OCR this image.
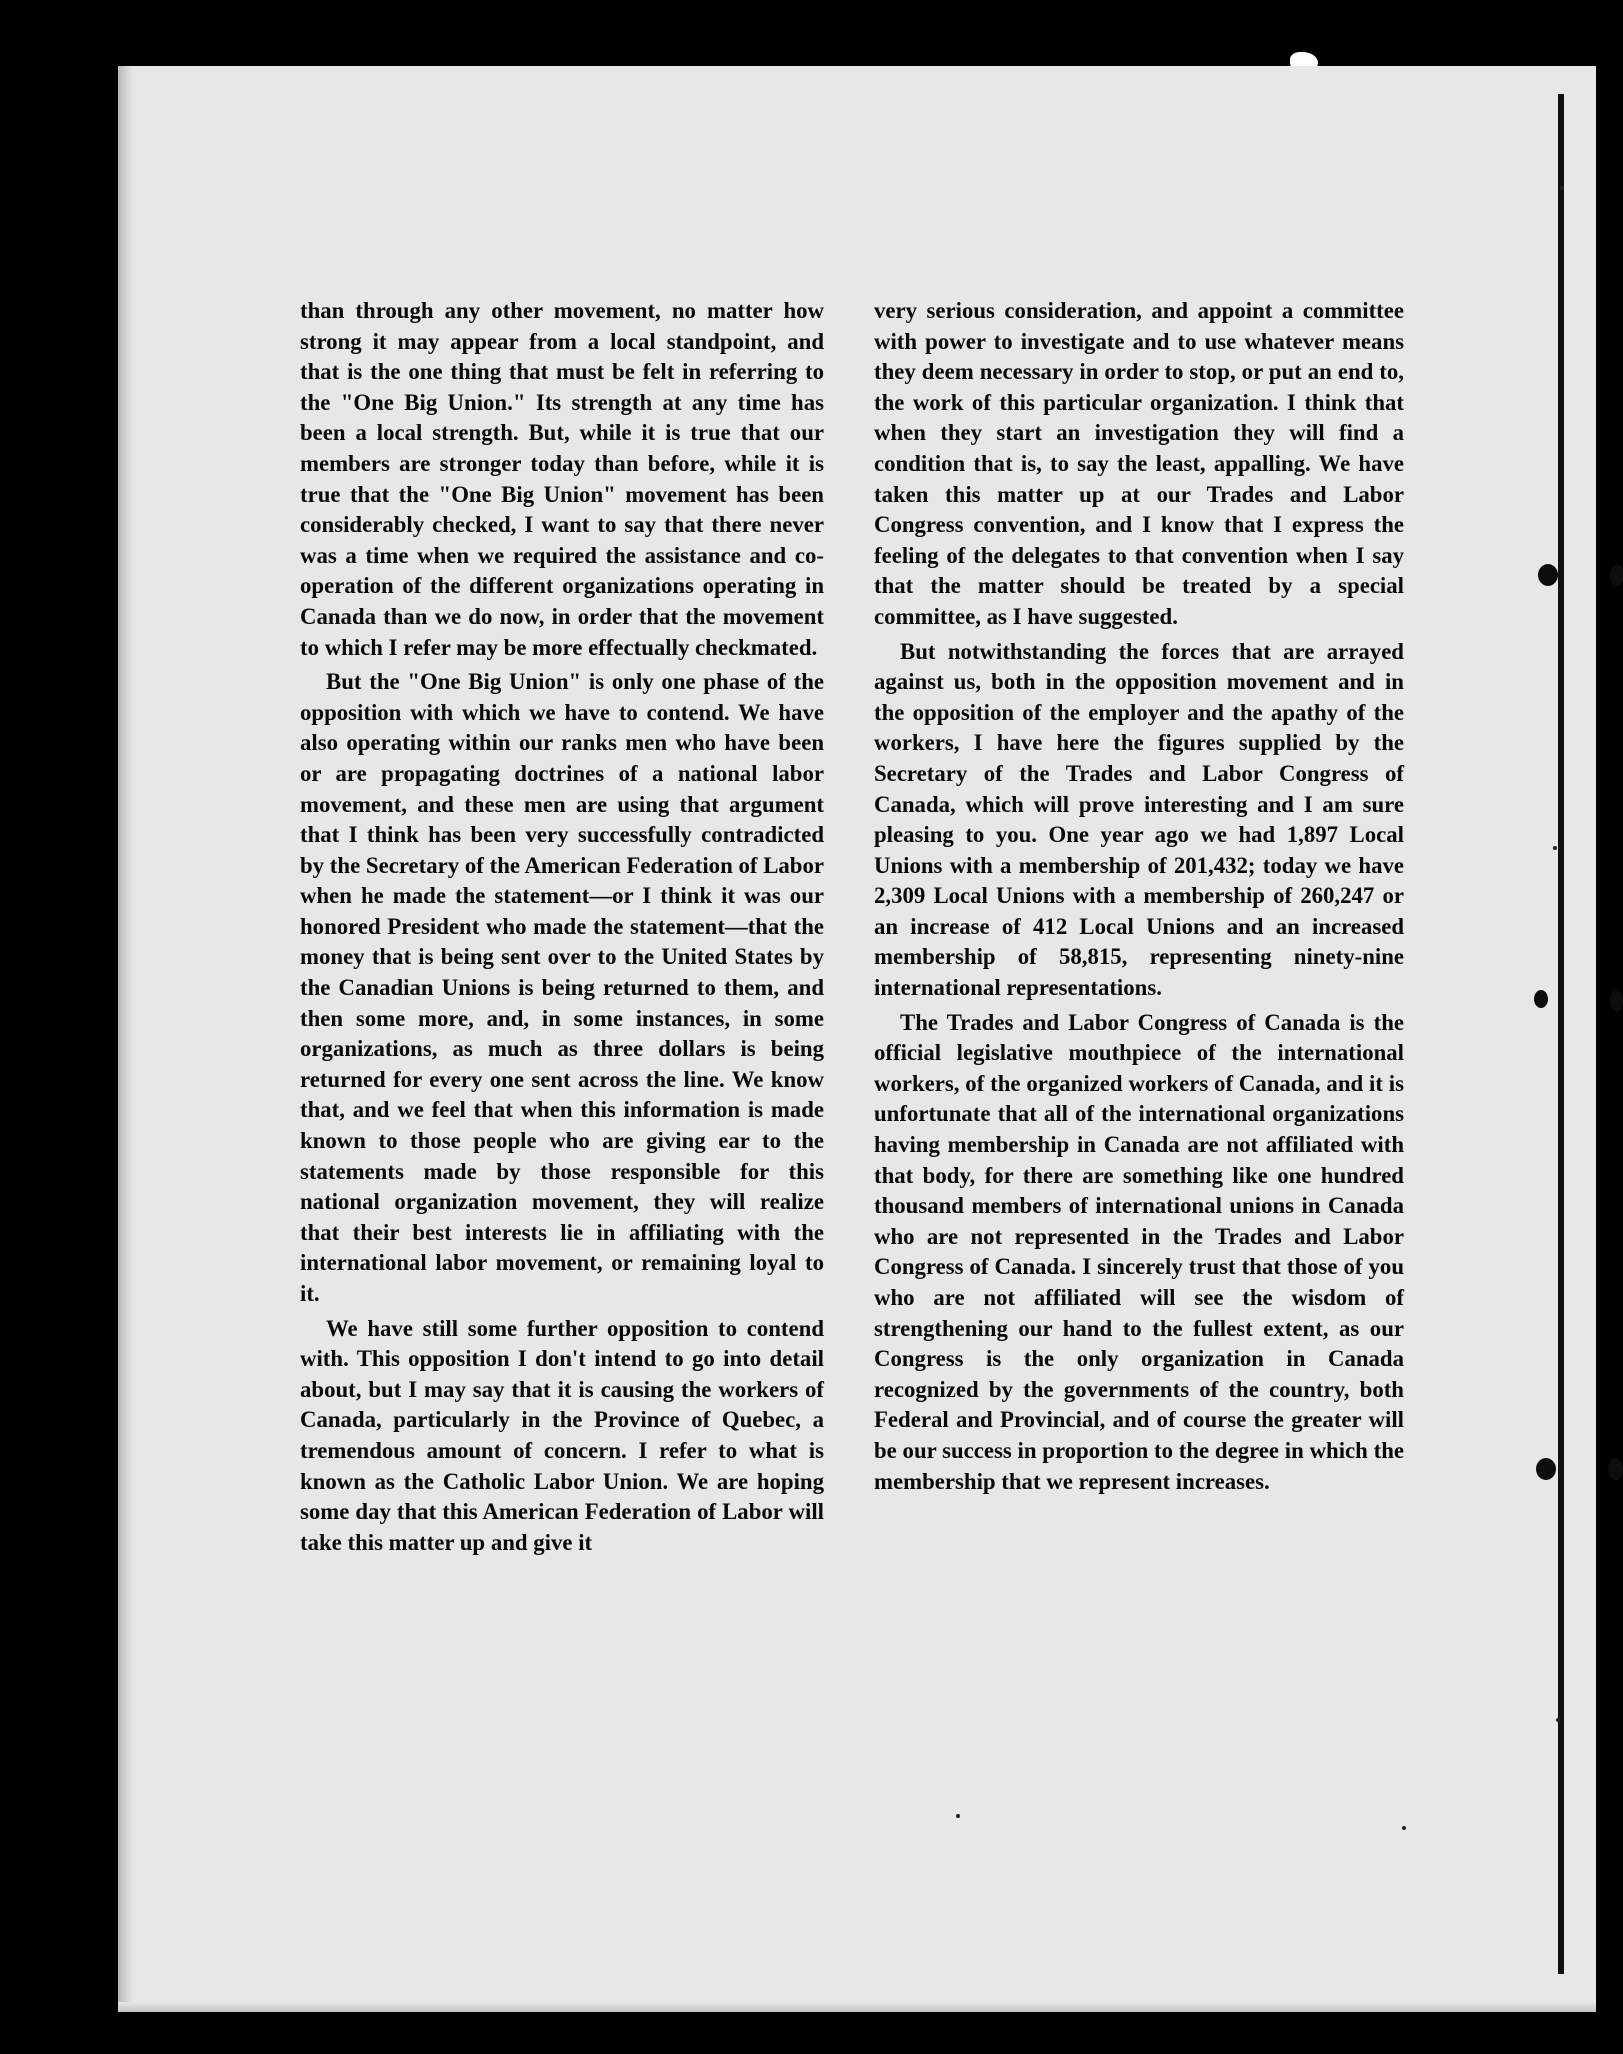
than through any other movement, no matter how strong it may appear from a local standpoint, and that is the one thing that must be felt in referring to the "One Big Union." Its strength at any time has been a local strength. But, while it is true that our members are stronger today than before, while it is true that the "One Big Union" movement has been considerably checked, I want to say that there never was a time when we required the assistance and co-operation of the different organizations operating in Canada than we do now, in order that the movement to which I refer may be more effectually checkmated.

But the "One Big Union" is only one phase of the opposition with which we have to contend. We have also operating within our ranks men who have been or are propagating doctrines of a national labor movement, and these men are using that argument that I think has been very successfully contradicted by the Secretary of the American Federation of Labor when he made the statement—or I think it was our honored President who made the statement—that the money that is being sent over to the United States by the Canadian Unions is being returned to them, and then some more, and, in some instances, in some organizations, as much as three dollars is being returned for every one sent across the line. We know that, and we feel that when this information is made known to those people who are giving ear to the statements made by those responsible for this national organization movement, they will realize that their best interests lie in affiliating with the international labor movement, or remaining loyal to it.

We have still some further opposition to contend with. This opposition I don't intend to go into detail about, but I may say that it is causing the workers of Canada, particularly in the Province of Quebec, a tremendous amount of concern. I refer to what is known as the Catholic Labor Union. We are hoping some day that this American Federation of Labor will take this matter up and give it

very serious consideration, and appoint a committee with power to investigate and to use whatever means they deem necessary in order to stop, or put an end to, the work of this particular organization. I think that when they start an investigation they will find a condition that is, to say the least, appalling. We have taken this matter up at our Trades and Labor Congress convention, and I know that I express the feeling of the delegates to that convention when I say that the matter should be treated by a special committee, as I have suggested.

But notwithstanding the forces that are arrayed against us, both in the opposition movement and in the opposition of the employer and the apathy of the workers, I have here the figures supplied by the Secretary of the Trades and Labor Congress of Canada, which will prove interesting and I am sure pleasing to you. One year ago we had 1,897 Local Unions with a membership of 201,432; today we have 2,309 Local Unions with a membership of 260,247 or an increase of 412 Local Unions and an increased membership of 58,815, representing ninety-nine international representations.

The Trades and Labor Congress of Canada is the official legislative mouthpiece of the international workers, of the organized workers of Canada, and it is unfortunate that all of the international organizations having membership in Canada are not affiliated with that body, for there are something like one hundred thousand members of international unions in Canada who are not represented in the Trades and Labor Congress of Canada. I sincerely trust that those of you who are not affiliated will see the wisdom of strengthening our hand to the fullest extent, as our Congress is the only organization in Canada recognized by the governments of the country, both Federal and Provincial, and of course the greater will be our success in proportion to the degree in which the membership that we represent increases.
